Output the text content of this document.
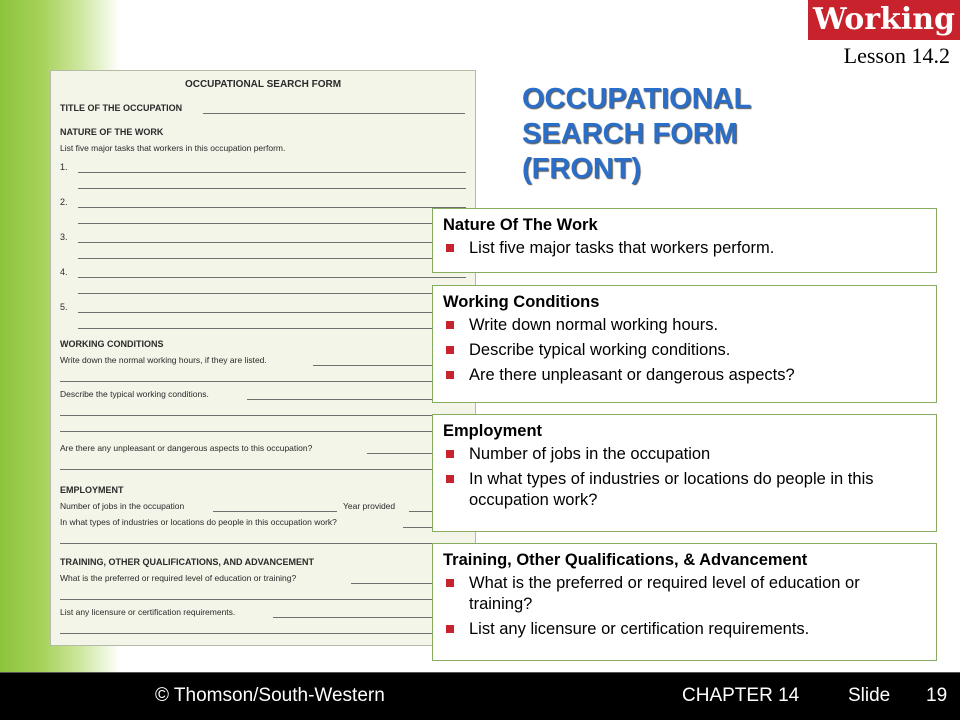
Working
Lesson 14.2
OCCUPATIONAL
SEARCH FORM
(FRONT)
OCCUPATIONAL SEARCH FORM
TITLE OF THE OCCUPATION
NATURE OF THE WORK
List five major tasks that workers in this occupation perform.
1.
2.
3.
4.
5.
WORKING CONDITIONS
Write down the normal working hours, if they are listed.
Describe the typical working conditions.
Are there any unpleasant or dangerous aspects to this occupation?
EMPLOYMENT
Number of jobs in the occupation	Year provided
In what types of industries or locations do people in this occupation work?
TRAINING, OTHER QUALIFICATIONS, AND ADVANCEMENT
What is the preferred or required level of education or training?
List any licensure or certification requirements.
Nature Of The Work
List five major tasks that workers perform.
Working Conditions
Write down normal working hours.
Describe typical working conditions.
Are there unpleasant or dangerous aspects?
Employment
Number of jobs in the occupation
In what types of industries or locations do people in this occupation work?
Training, Other Qualifications, & Advancement
What is the preferred or required level of education or training?
List any licensure or certification requirements.
© Thomson/South-Western	CHAPTER 14	Slide 19
